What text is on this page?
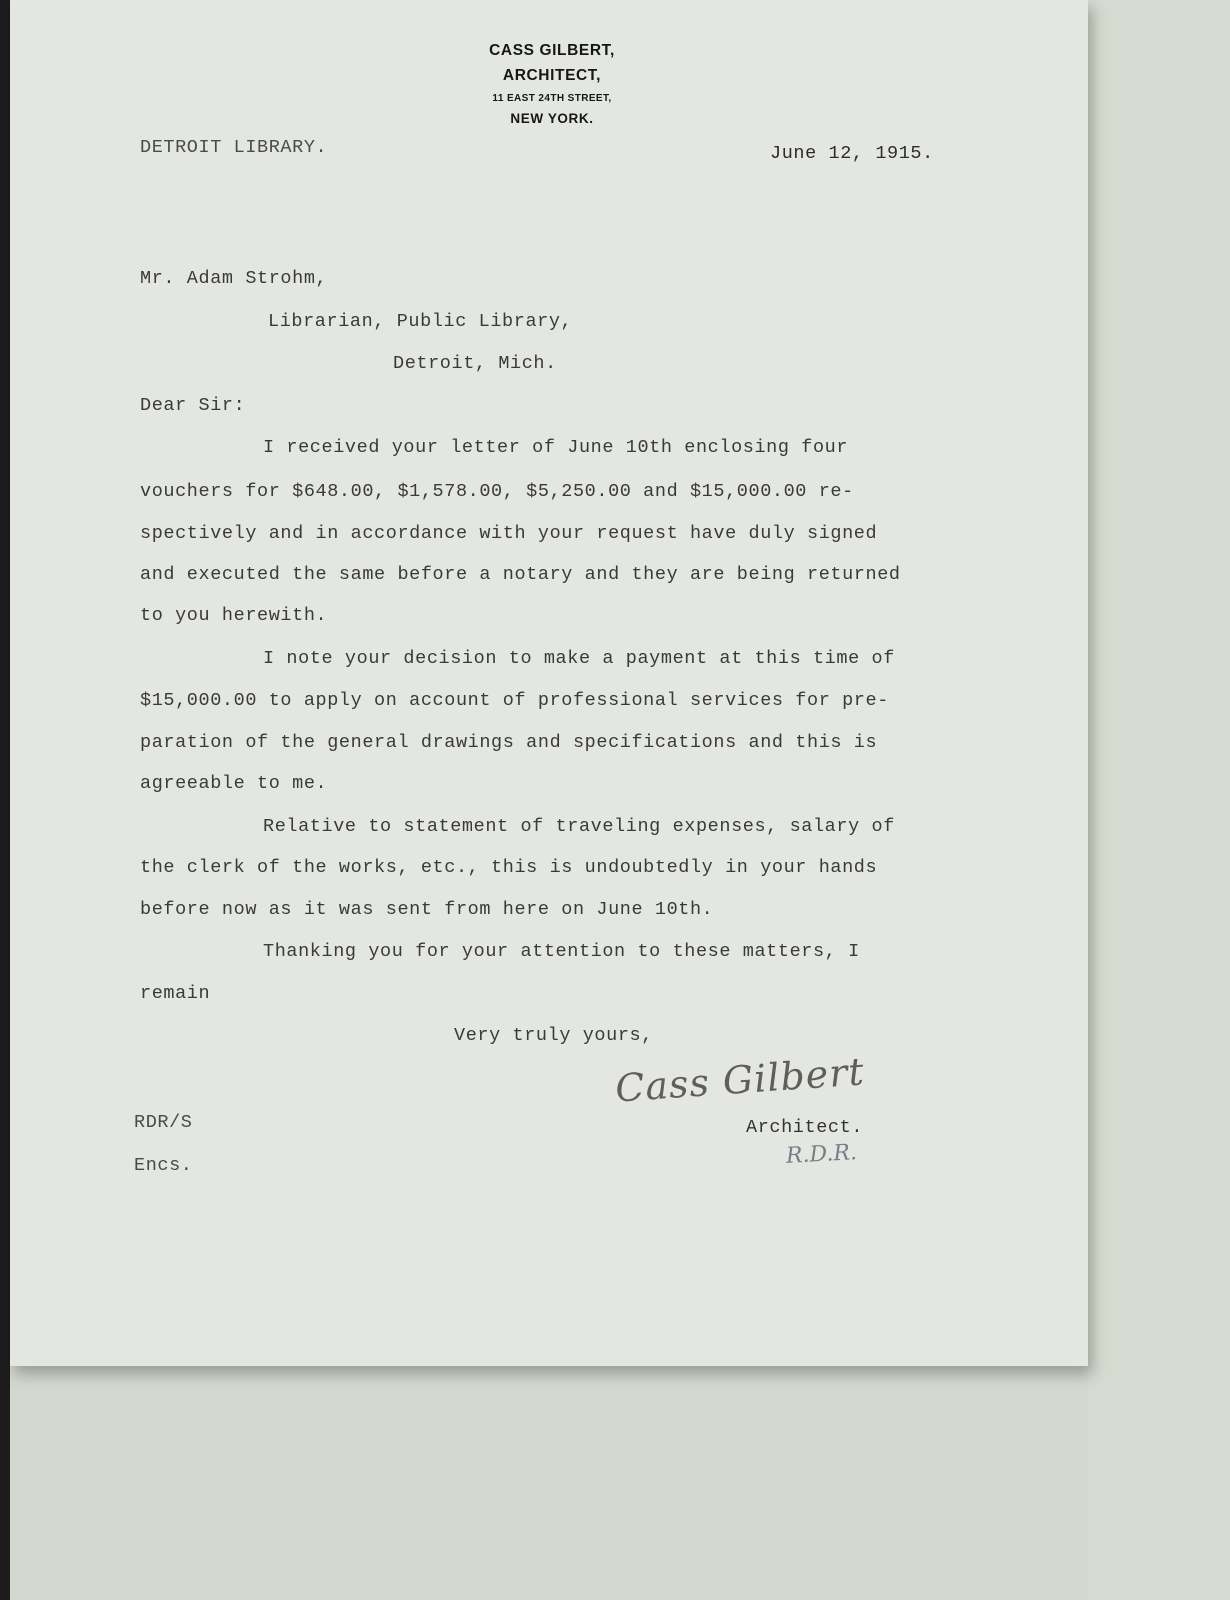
CASS GILBERT,
ARCHITECT,
11 EAST 24TH STREET,
NEW YORK.
DETROIT LIBRARY.	June 12, 1915.
Mr. Adam Strohm,
Librarian, Public Library,
Detroit, Mich.
Dear Sir:
I received your letter of June 10th enclosing four
vouchers for $648.00, $1,578.00, $5,250.00 and $15,000.00 re-
spectively and in accordance with your request have duly signed
and executed the same before a notary and they are being returned
to you herewith.
I note your decision to make a payment at this time of
$15,000.00 to apply on account of professional services for pre-
paration of the general drawings and specifications and this is
agreeable to me.
Relative to statement of traveling expenses, salary of
the clerk of the works, etc., this is undoubtedly in your hands
before now as it was sent from here on June 10th.
Thanking you for your attention to these matters, I
remain
Very truly yours,
Cass Gilbert
Architect.
R.D.R.
RDR/S
Encs.
